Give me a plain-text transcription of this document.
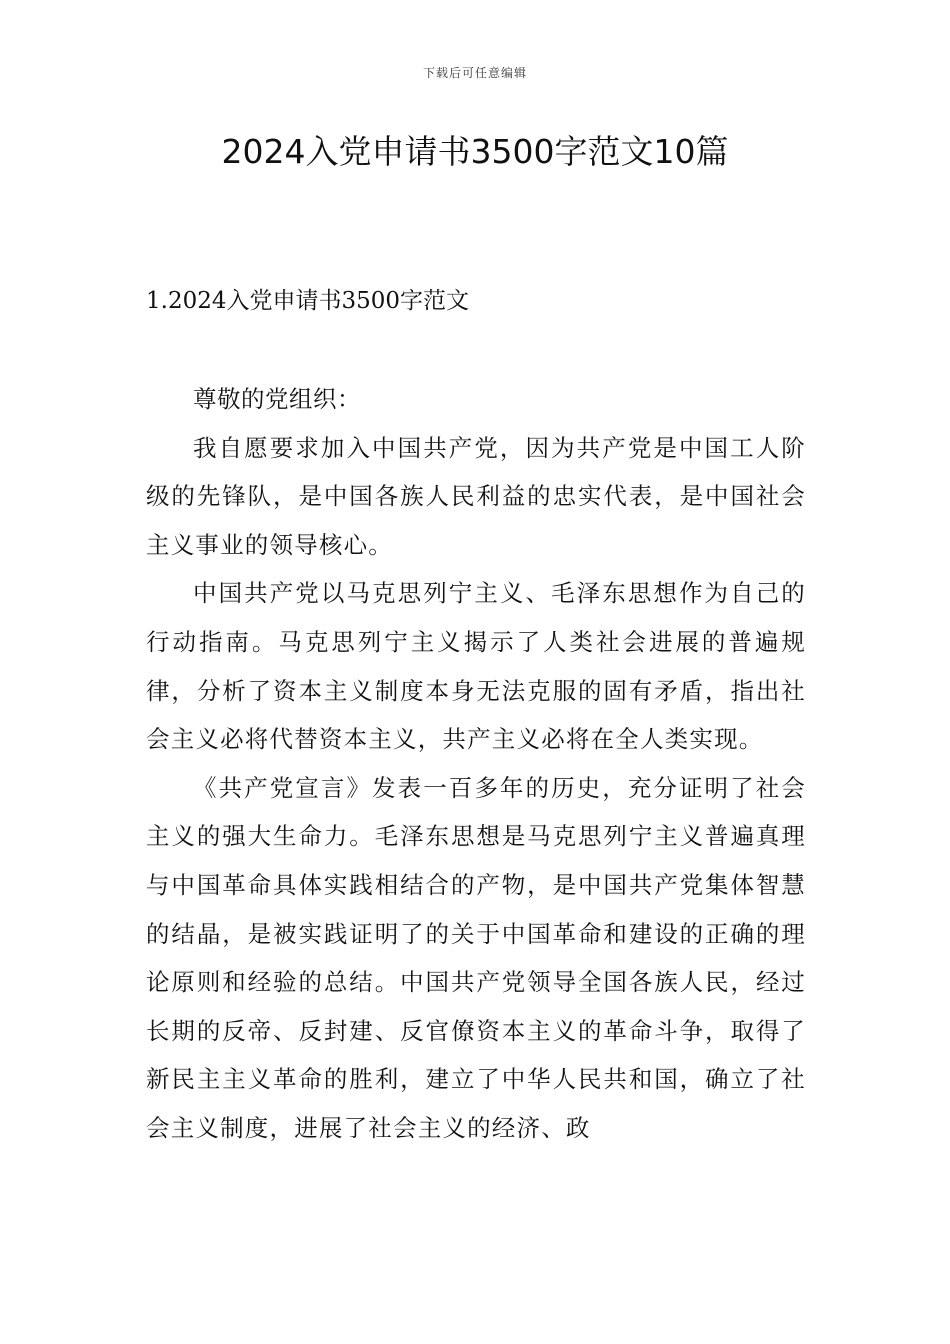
下载后可任意编辑
2024入党申请书3500字范文10篇
1.2024入党申请书3500字范文

尊敬的党组织：

我自愿要求加入中国共产党，因为共产党是中国工人阶级的先锋队，是中国各族人民利益的忠实代表，是中国社会主义事业的领导核心。

中国共产党以马克思列宁主义、毛泽东思想作为自己的行动指南。马克思列宁主义揭示了人类社会进展的普遍规律，分析了资本主义制度本身无法克服的固有矛盾，指出社会主义必将代替资本主义，共产主义必将在全人类实现。

《共产党宣言》发表一百多年的历史，充分证明了社会主义的强大生命力。毛泽东思想是马克思列宁主义普遍真理与中国革命具体实践相结合的产物，是中国共产党集体智慧的结晶，是被实践证明了的关于中国革命和建设的正确的理论原则和经验的总结。中国共产党领导全国各族人民，经过长期的反帝、反封建、反官僚资本主义的革命斗争，取得了新民主主义革命的胜利，建立了中华人民共和国，确立了社会主义制度，进展了社会主义的经济、政
